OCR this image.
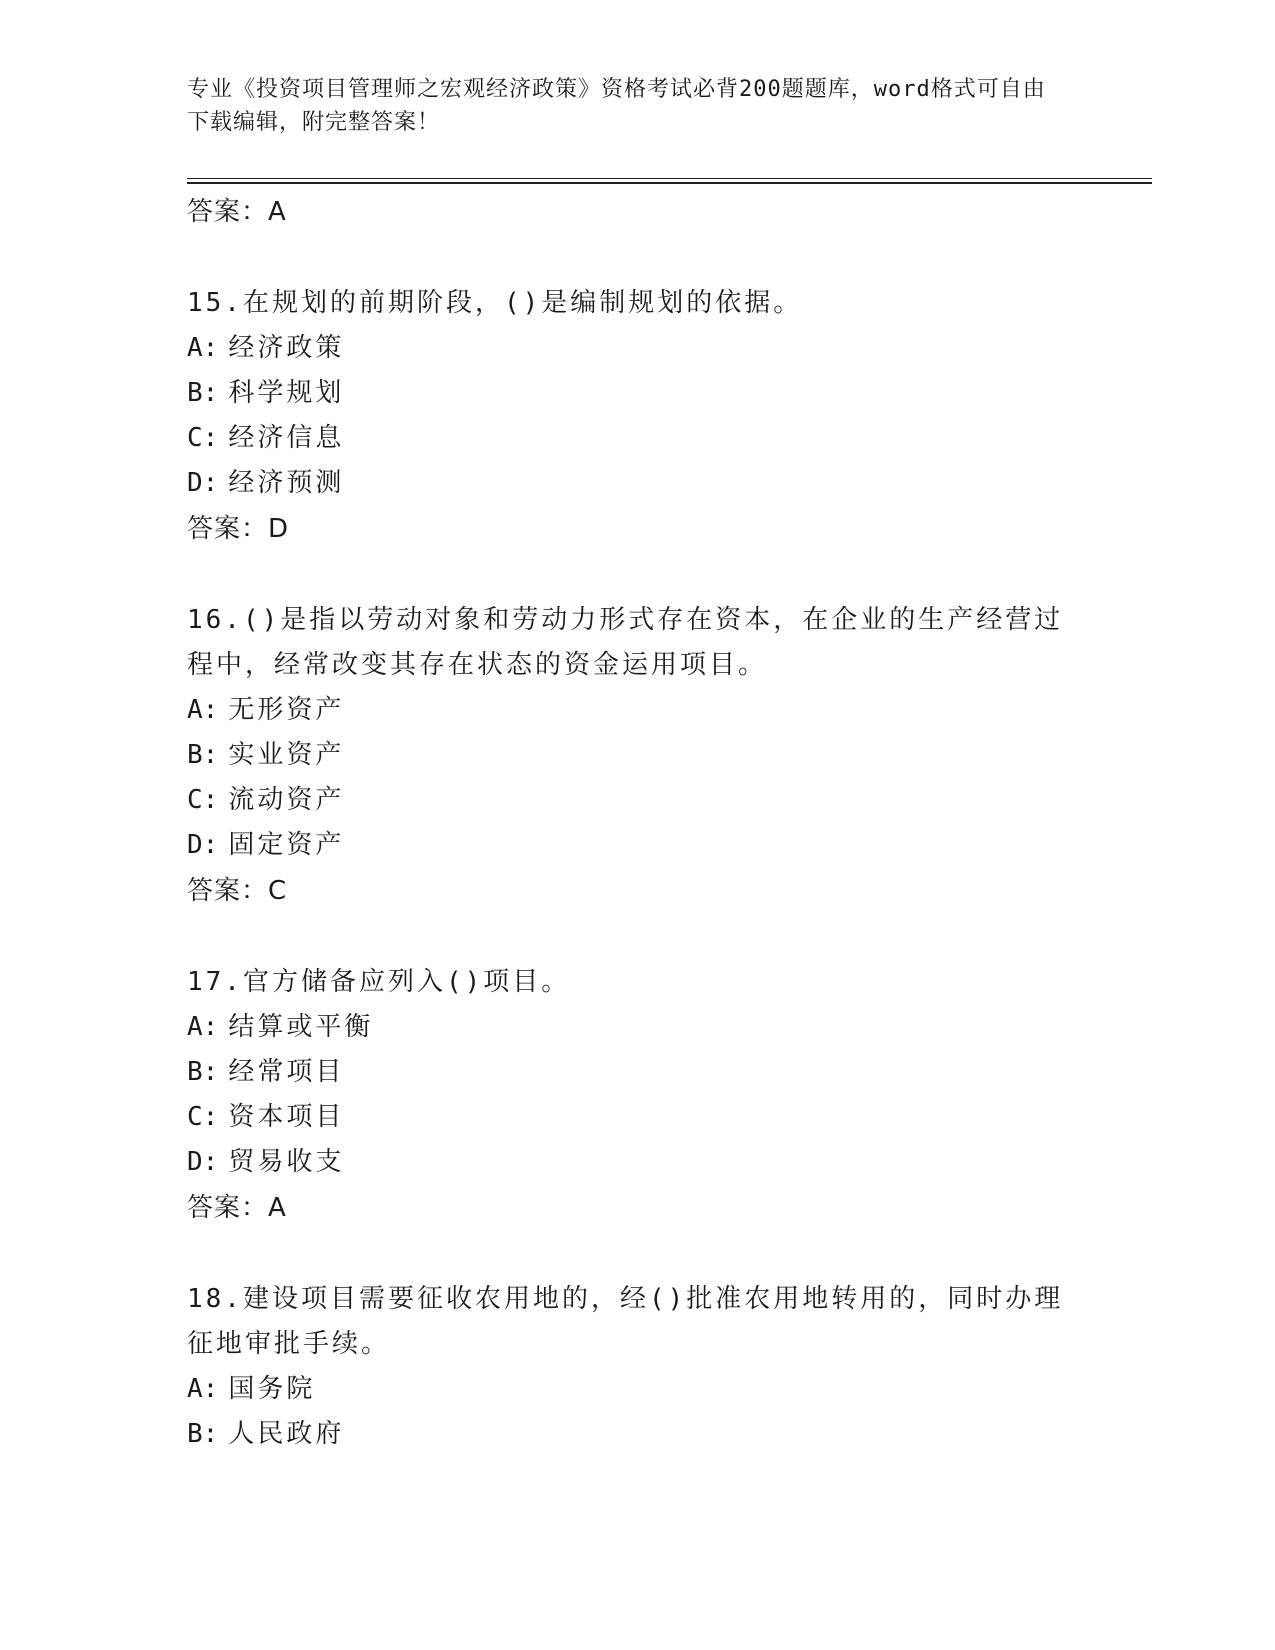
专业《投资项目管理师之宏观经济政策》资格考试必背200题题库，word格式可自由下载编辑，附完整答案！
答案：A
15.在规划的前期阶段，()是编制规划的依据。
A: 经济政策
B: 科学规划
C: 经济信息
D: 经济预测
答案：D
16.()是指以劳动对象和劳动力形式存在资本，在企业的生产经营过程中，经常改变其存在状态的资金运用项目。
A: 无形资产
B: 实业资产
C: 流动资产
D: 固定资产
答案：C
17.官方储备应列入()项目。
A: 结算或平衡
B: 经常项目
C: 资本项目
D: 贸易收支
答案：A
18.建设项目需要征收农用地的，经()批准农用地转用的，同时办理征地审批手续。
A: 国务院
B: 人民政府
